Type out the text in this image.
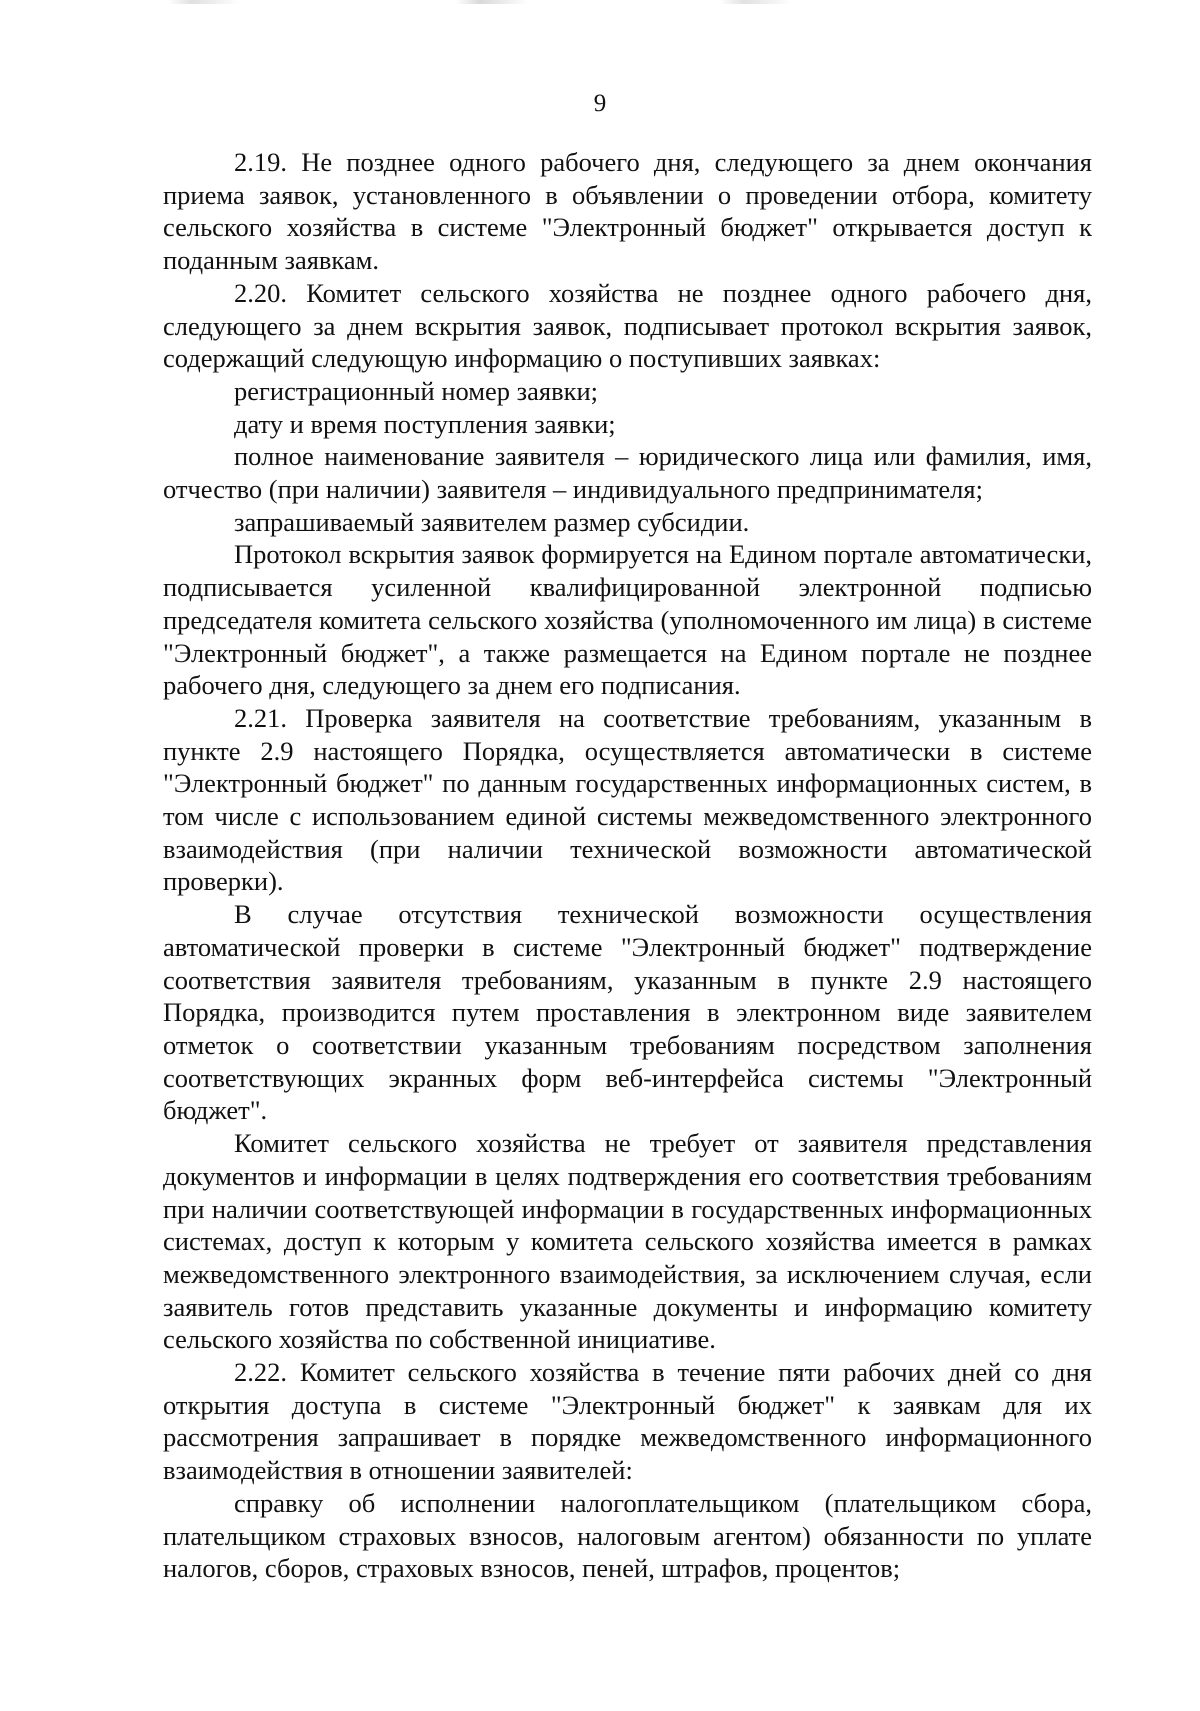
9

2.19. Не позднее одного рабочего дня, следующего за днем окончания приема заявок, установленного в объявлении о проведении отбора, комитету сельского хозяйства в системе "Электронный бюджет" открывается доступ к поданным заявкам.

2.20. Комитет сельского хозяйства не позднее одного рабочего дня, следующего за днем вскрытия заявок, подписывает протокол вскрытия заявок, содержащий следующую информацию о поступивших заявках:

регистрационный номер заявки;

дату и время поступления заявки;

полное наименование заявителя – юридического лица или фамилия, имя, отчество (при наличии) заявителя – индивидуального предпринимателя;

запрашиваемый заявителем размер субсидии.

Протокол вскрытия заявок формируется на Едином портале автоматически, подписывается усиленной квалифицированной электронной подписью председателя комитета сельского хозяйства (уполномоченного им лица) в системе "Электронный бюджет", а также размещается на Едином портале не позднее рабочего дня, следующего за днем его подписания.

2.21. Проверка заявителя на соответствие требованиям, указанным в пункте 2.9 настоящего Порядка, осуществляется автоматически в системе "Электронный бюджет" по данным государственных информационных систем, в том числе с использованием единой системы межведомственного электронного взаимодействия (при наличии технической возможности автоматической проверки).

В случае отсутствия технической возможности осуществления автоматической проверки в системе "Электронный бюджет" подтверждение соответствия заявителя требованиям, указанным в пункте 2.9 настоящего Порядка, производится путем проставления в электронном виде заявителем отметок о соответствии указанным требованиям посредством заполнения соответствующих экранных форм веб-интерфейса системы "Электронный бюджет".

Комитет сельского хозяйства не требует от заявителя представления документов и информации в целях подтверждения его соответствия требованиям при наличии соответствующей информации в государственных информационных системах, доступ к которым у комитета сельского хозяйства имеется в рамках межведомственного электронного взаимодействия, за исключением случая, если заявитель готов представить указанные документы и информацию комитету сельского хозяйства по собственной инициативе.

2.22. Комитет сельского хозяйства в течение пяти рабочих дней со дня открытия доступа в системе "Электронный бюджет" к заявкам для их рассмотрения запрашивает в порядке межведомственного информационного взаимодействия в отношении заявителей:

справку об исполнении налогоплательщиком (плательщиком сбора, плательщиком страховых взносов, налоговым агентом) обязанности по уплате налогов, сборов, страховых взносов, пеней, штрафов, процентов;
